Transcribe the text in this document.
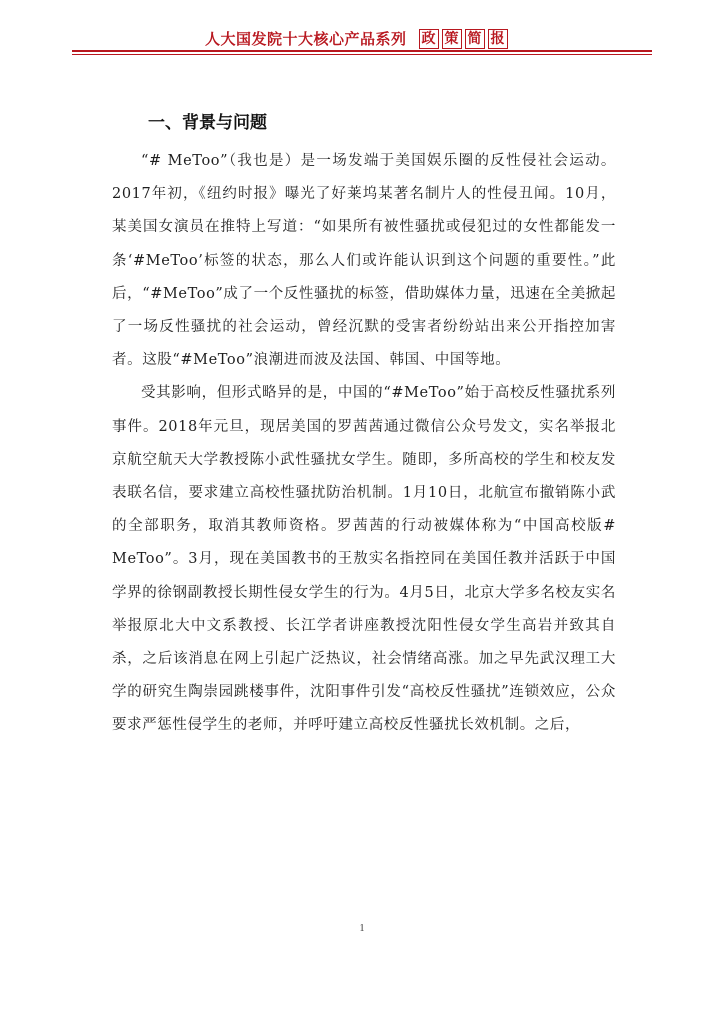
人大国发院十大核心产品系列 政 策 简 报
一、背景与问题

“# MeToo”（我也是）是一场发端于美国娱乐圈的反性侵社会运动。2017年初，《纽约时报》曝光了好莱坞某著名制片人的性侵丑闻。10月，某美国女演员在推特上写道：“如果所有被性骚扰或侵犯过的女性都能发一条‘#MeToo’标签的状态，那么人们或许能认识到这个问题的重要性。”此后，“#MeToo”成了一个反性骚扰的标签，借助媒体力量，迅速在全美掀起了一场反性骚扰的社会运动，曾经沉默的受害者纷纷站出来公开指控加害者。这股“#MeToo”浪潮进而波及法国、韩国、中国等地。

受其影响，但形式略异的是，中国的“#MeToo”始于高校反性骚扰系列事件。2018年元旦，现居美国的罗茜茜通过微信公众号发文，实名举报北京航空航天大学教授陈小武性骚扰女学生。随即，多所高校的学生和校友发表联名信，要求建立高校性骚扰防治机制。1月10日，北航宣布撤销陈小武的全部职务，取消其教师资格。罗茜茜的行动被媒体称为“中国高校版# MeToo”。3月，现在美国教书的王敖实名指控同在美国任教并活跃于中国学界的徐钢副教授长期性侵女学生的行为。4月5日，北京大学多名校友实名举报原北大中文系教授、长江学者讲座教授沈阳性侵女学生高岩并致其自杀，之后该消息在网上引起广泛热议，社会情绪高涨。加之早先武汉理工大学的研究生陶崇园跳楼事件，沈阳事件引发“高校反性骚扰”连锁效应，公众要求严惩性侵学生的老师，并呼吁建立高校反性骚扰长效机制。之后，

1
